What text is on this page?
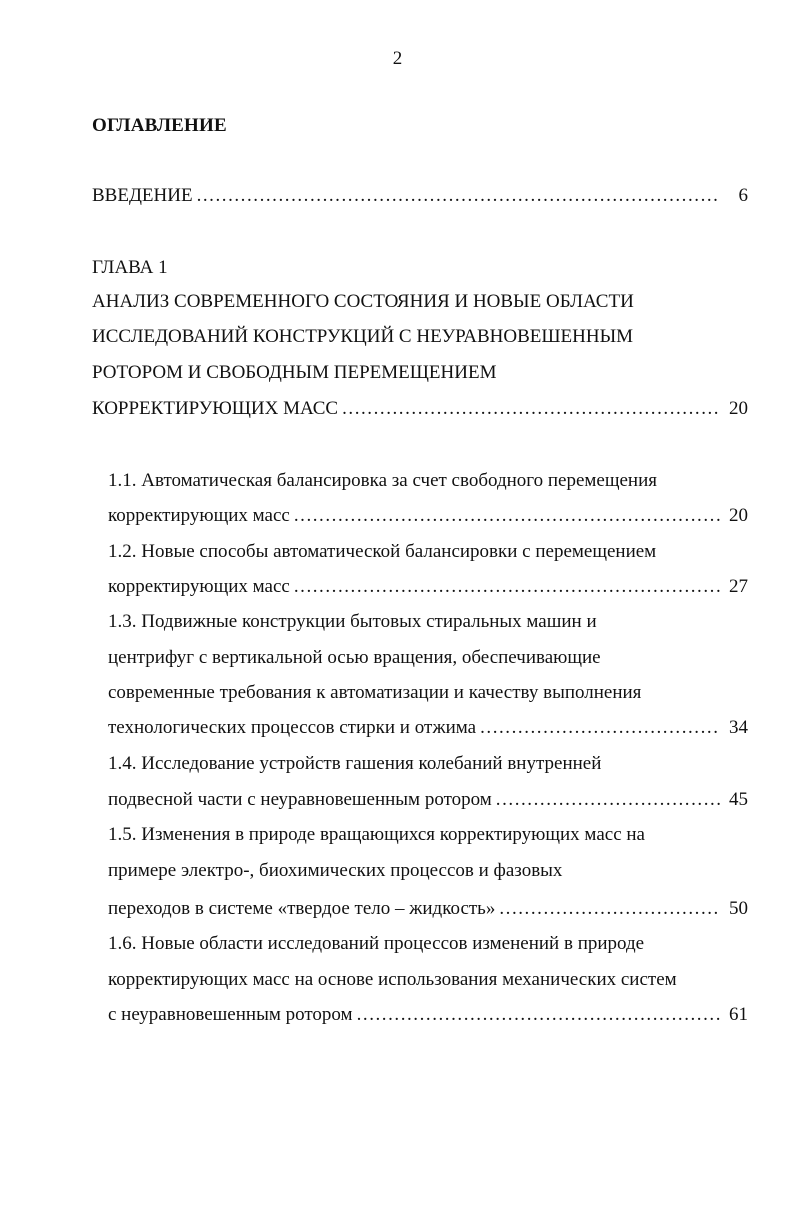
2
ОГЛАВЛЕНИЕ
ВВЕДЕНИЕ . . .	6
ГЛАВА 1
АНАЛИЗ СОВРЕМЕННОГО СОСТОЯНИЯ И НОВЫЕ ОБЛАСТИ
ИССЛЕДОВАНИЙ КОНСТРУКЦИЙ С НЕУРАВНОВЕШЕННЫМ
РОТОРОМ И СВОБОДНЫМ ПЕРЕМЕЩЕНИЕМ
КОРРЕКТИРУЮЩИХ МАСС . . .	20
1.1. Автоматическая балансировка за счет свободного перемещения
корректирующих масс . . .	20
1.2. Новые способы автоматической балансировки с перемещением
корректирующих масс . . .	27
1.3. Подвижные конструкции бытовых стиральных машин и
центрифуг с вертикальной осью вращения, обеспечивающие
современные требования к автоматизации и качеству выполнения
технологических процессов стирки и отжима . . .	34
1.4. Исследование устройств гашения колебаний внутренней
подвесной части с неуравновешенным ротором . . .	45
1.5. Изменения в природе вращающихся корректирующих масс на
примере электро-, биохимических процессов и фазовых
переходов в системе «твердое тело – жидкость» . . .	50
1.6. Новые области исследований процессов изменений в природе
корректирующих масс на основе использования механических систем
с неуравновешенным ротором . . .	61
